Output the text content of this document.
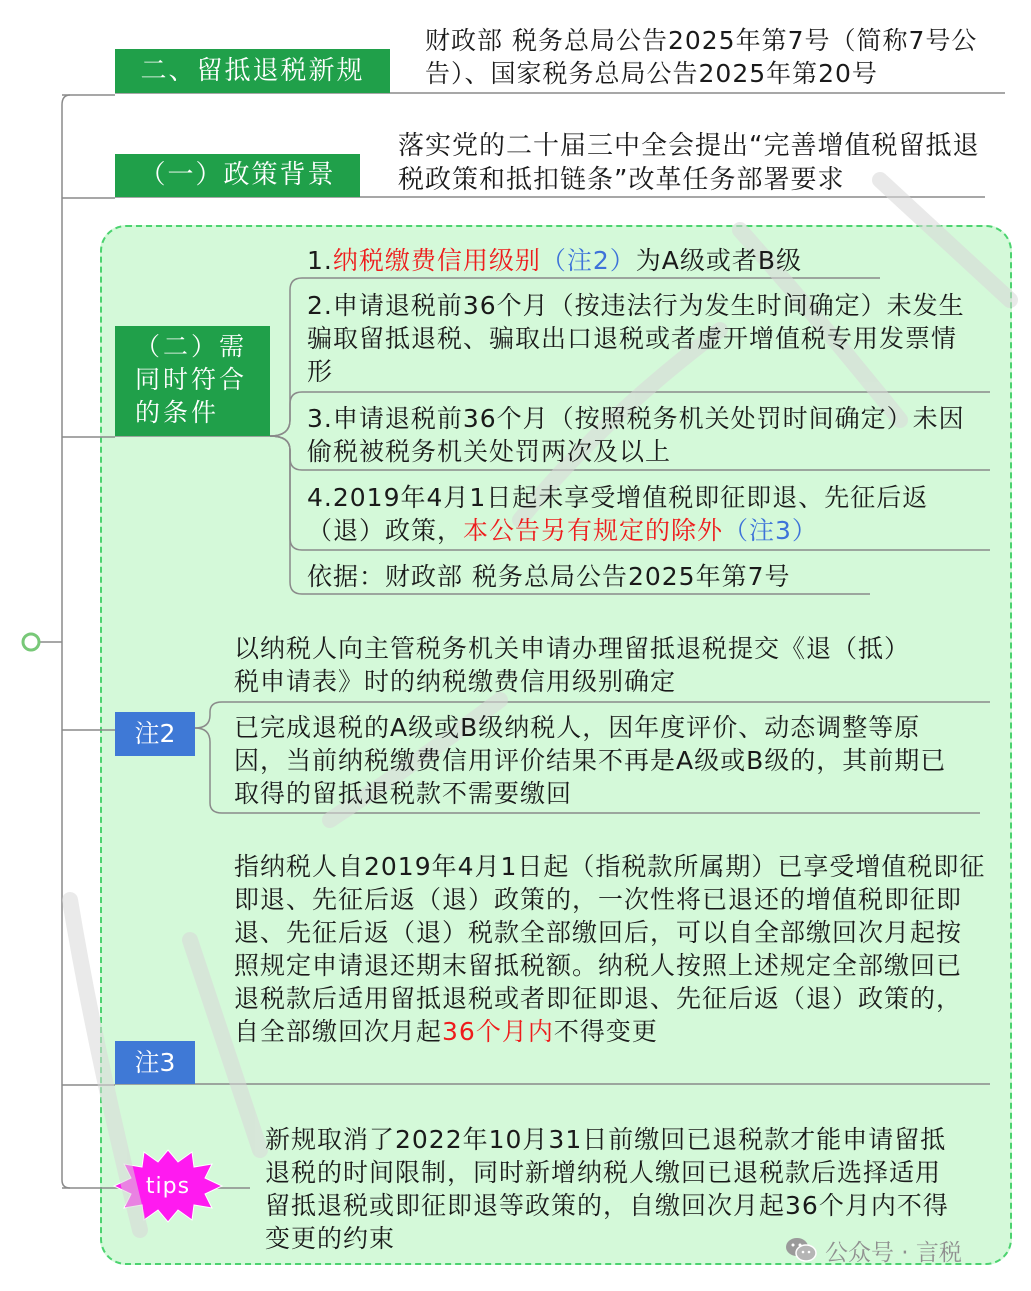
二、留抵退税新规
财政部 税务总局公告2025年第7号（简称7号公告）、国家税务总局公告2025年第20号
（一）政策背景
落实党的二十届三中全会提出“完善增值税留抵退税政策和抵扣链条”改革任务部署要求
（二）需同时符合的条件
1.纳税缴费信用级别（注2）为A级或者B级
2.申请退税前36个月（按违法行为发生时间确定）未发生骗取留抵退税、骗取出口退税或者虚开增值税专用发票情形
3.申请退税前36个月（按照税务机关处罚时间确定）未因偷税被税务机关处罚两次及以上
4.2019年4月1日起未享受增值税即征即退、先征后返（退）政策，本公告另有规定的除外（注3）
依据：财政部 税务总局公告2025年第7号
注2
以纳税人向主管税务机关申请办理留抵退税提交《退（抵）税申请表》时的纳税缴费信用级别确定
已完成退税的A级或B级纳税人，因年度评价、动态调整等原因，当前纳税缴费信用评价结果不再是A级或B级的，其前期已取得的留抵退税款不需要缴回
注3
指纳税人自2019年4月1日起（指税款所属期）已享受增值税即征即退、先征后返（退）政策的，一次性将已退还的增值税即征即退、先征后返（退）税款全部缴回后，可以自全部缴回次月起按照规定申请退还期末留抵税额。纳税人按照上述规定全部缴回已退税款后适用留抵退税或者即征即退、先征后返（退）政策的，自全部缴回次月起36个月内不得变更
tips
新规取消了2022年10月31日前缴回已退税款才能申请留抵退税的时间限制，同时新增纳税人缴回已退税款后选择适用留抵退税或即征即退等政策的，自缴回次月起36个月内不得变更的约束	公众号 · 言税
